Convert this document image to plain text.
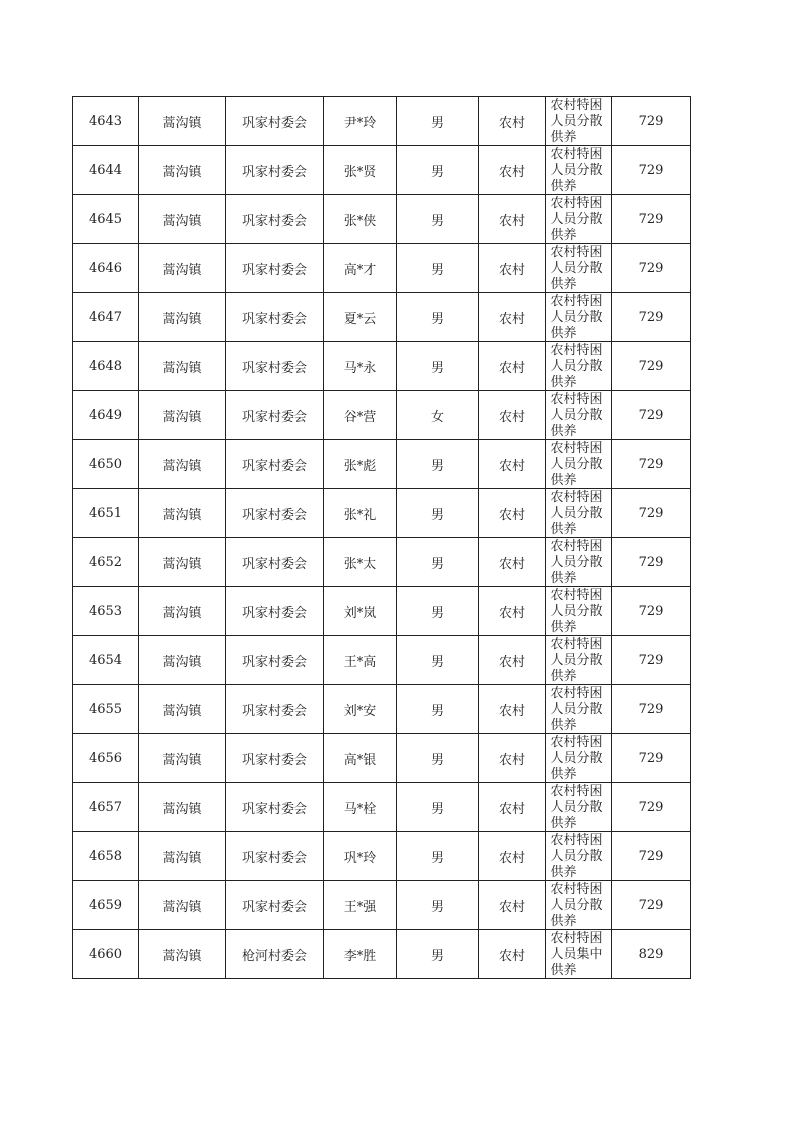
4643	蒿沟镇	巩家村委会	尹*玲	男	农村	农村特困人员分散供养	729
4644	蒿沟镇	巩家村委会	张*贤	男	农村	农村特困人员分散供养	729
4645	蒿沟镇	巩家村委会	张*侠	男	农村	农村特困人员分散供养	729
4646	蒿沟镇	巩家村委会	高*才	男	农村	农村特困人员分散供养	729
4647	蒿沟镇	巩家村委会	夏*云	男	农村	农村特困人员分散供养	729
4648	蒿沟镇	巩家村委会	马*永	男	农村	农村特困人员分散供养	729
4649	蒿沟镇	巩家村委会	谷*营	女	农村	农村特困人员分散供养	729
4650	蒿沟镇	巩家村委会	张*彪	男	农村	农村特困人员分散供养	729
4651	蒿沟镇	巩家村委会	张*礼	男	农村	农村特困人员分散供养	729
4652	蒿沟镇	巩家村委会	张*太	男	农村	农村特困人员分散供养	729
4653	蒿沟镇	巩家村委会	刘*岚	男	农村	农村特困人员分散供养	729
4654	蒿沟镇	巩家村委会	王*高	男	农村	农村特困人员分散供养	729
4655	蒿沟镇	巩家村委会	刘*安	男	农村	农村特困人员分散供养	729
4656	蒿沟镇	巩家村委会	高*银	男	农村	农村特困人员分散供养	729
4657	蒿沟镇	巩家村委会	马*栓	男	农村	农村特困人员分散供养	729
4658	蒿沟镇	巩家村委会	巩*玲	男	农村	农村特困人员分散供养	729
4659	蒿沟镇	巩家村委会	王*强	男	农村	农村特困人员分散供养	729
4660	蒿沟镇	枪河村委会	李*胜	男	农村	农村特困人员集中供养	829
